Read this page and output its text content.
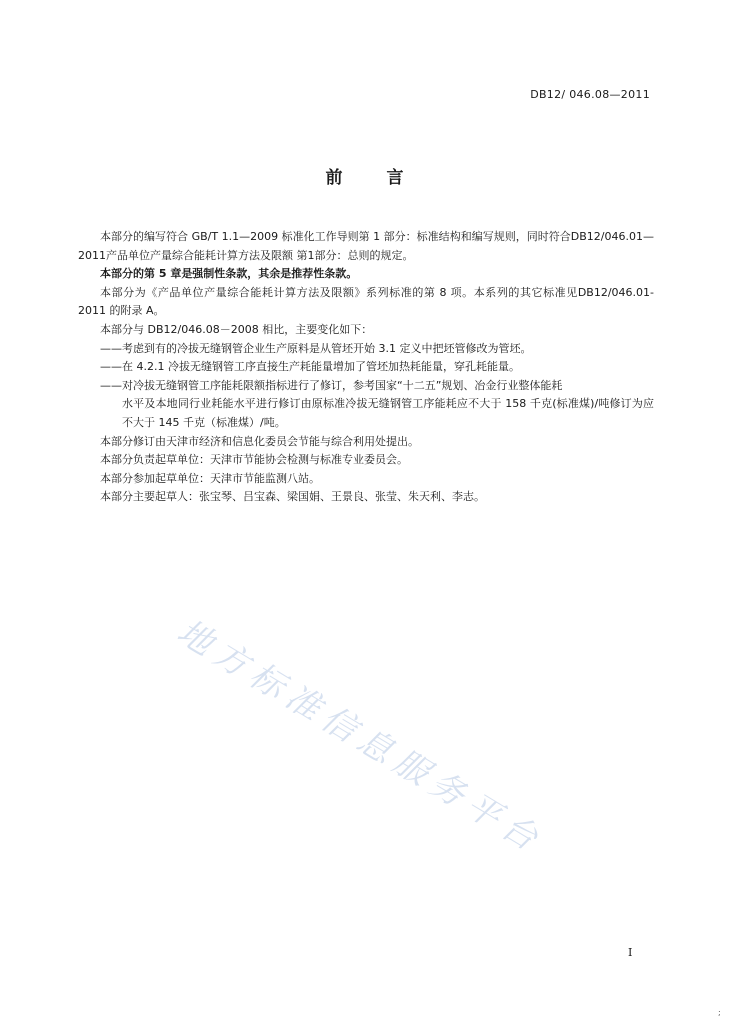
DB12/ 046.08—2011
前	言

本部分的编写符合 GB/T 1.1—2009 标准化工作导则第 1 部分：标准结构和编写规则，同时符合DB12/046.01—2011产品单位产量综合能耗计算方法及限额 第1部分：总则的规定。

本部分的第 5 章是强制性条款，其余是推荐性条款。

本部分为《产品单位产量综合能耗计算方法及限额》系列标准的第 8 项。本系列的其它标准见DB12/046.01-2011 的附录 A。

本部分与 DB12/046.08－2008 相比，主要变化如下：

——考虑到有的冷拔无缝钢管企业生产原料是从管坯开始 3.1 定义中把坯管修改为管坯。

——在 4.2.1 冷拔无缝钢管工序直接生产耗能量增加了管坯加热耗能量，穿孔耗能量。

——对冷拔无缝钢管工序能耗限额指标进行了修订，参考国家“十二五”规划、冶金行业整体能耗

水平及本地同行业耗能水平进行修订由原标准冷拔无缝钢管工序能耗应不大于 158 千克(标准煤)/吨修订为应不大于 145 千克（标准煤）/吨。

本部分修订由天津市经济和信息化委员会节能与综合利用处提出。

本部分负责起草单位：天津市节能协会检测与标准专业委员会。

本部分参加起草单位：天津市节能监测八站。

本部分主要起草人：张宝琴、吕宝森、梁国娟、王景良、张莹、朱天利、李志。

地方标准信息服务平台
I
;
